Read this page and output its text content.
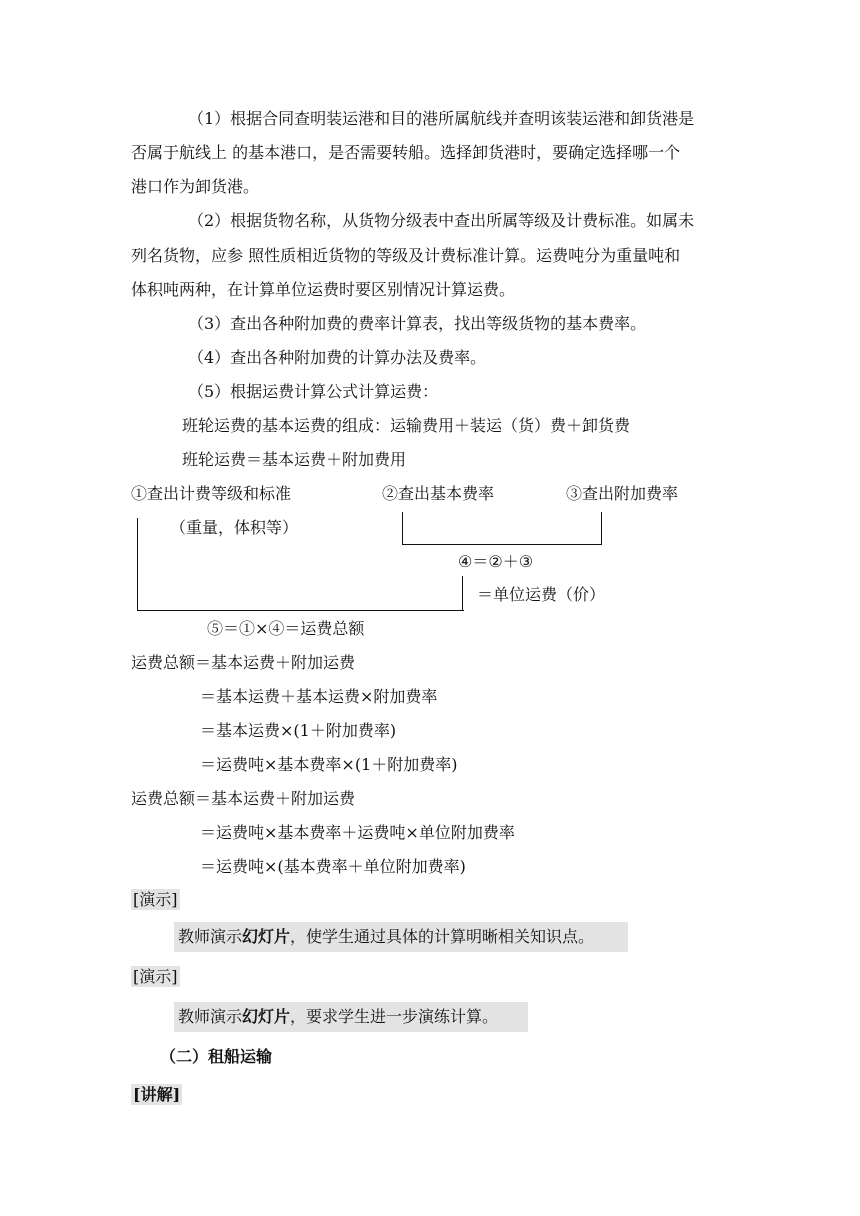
（1）根据合同查明装运港和目的港所属航线并查明该装运港和卸货港是
否属于航线上 的基本港口，是否需要转船。选择卸货港时，要确定选择哪一个
港口作为卸货港。
（2）根据货物名称，从货物分级表中查出所属等级及计费标准。如属未
列名货物，应参 照性质相近货物的等级及计费标准计算。运费吨分为重量吨和
体积吨两种，在计算单位运费时要区别情况计算运费。
（3）查出各种附加费的费率计算表，找出等级货物的基本费率。
（4）查出各种附加费的计算办法及费率。
（5）根据运费计算公式计算运费：
班轮运费的基本运费的组成：运输费用＋装运（货）费＋卸货费
班轮运费＝基本运费＋附加费用
①查出计费等级和标准	②查出基本费率	③查出附加费率
（重量，体积等）
④＝②＋③
＝单位运费（价）
⑤＝①×④＝运费总额
运费总额＝基本运费＋附加运费
＝基本运费＋基本运费×附加费率
＝基本运费×(1＋附加费率)
＝运费吨×基本费率×(1＋附加费率)
运费总额＝基本运费＋附加运费
＝运费吨×基本费率＋运费吨×单位附加费率
＝运费吨×(基本费率＋单位附加费率)
[演示]
教师演示幻灯片，使学生通过具体的计算明晰相关知识点。
[演示]
教师演示幻灯片，要求学生进一步演练计算。
（二）租船运输
[讲解]
